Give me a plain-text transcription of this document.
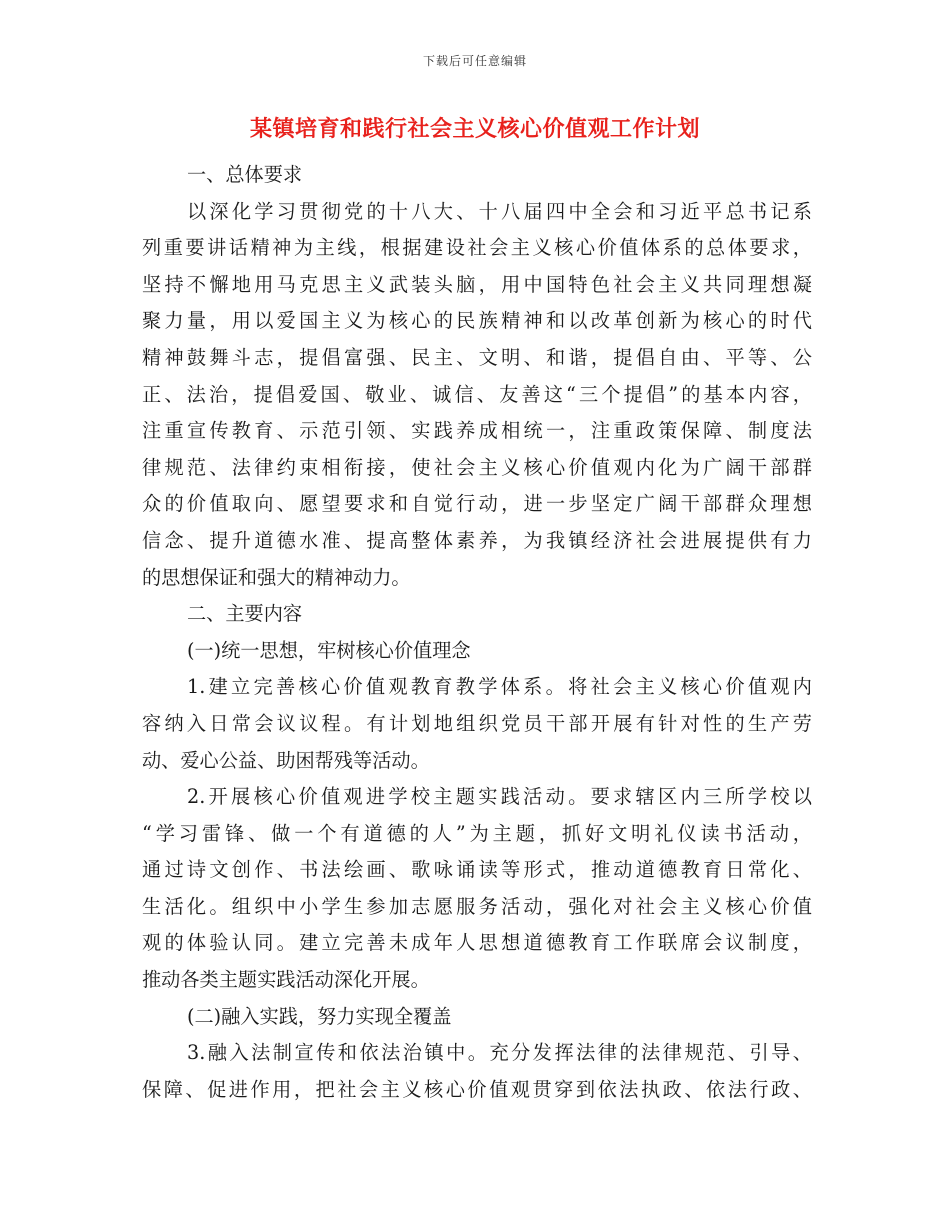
下载后可任意编辑
某镇培育和践行社会主义核心价值观工作计划
一、总体要求
以深化学习贯彻党的十八大、十八届四中全会和习近平总书记系
列重要讲话精神为主线，根据建设社会主义核心价值体系的总体要求，
坚持不懈地用马克思主义武装头脑，用中国特色社会主义共同理想凝
聚力量，用以爱国主义为核心的民族精神和以改革创新为核心的时代
精神鼓舞斗志，提倡富强、民主、文明、和谐，提倡自由、平等、公
正、法治，提倡爱国、敬业、诚信、友善这“三个提倡”的基本内容，
注重宣传教育、示范引领、实践养成相统一，注重政策保障、制度法
律规范、法律约束相衔接，使社会主义核心价值观内化为广阔干部群
众的价值取向、愿望要求和自觉行动，进一步坚定广阔干部群众理想
信念、提升道德水准、提高整体素养，为我镇经济社会进展提供有力
的思想保证和强大的精神动力。
二、主要内容
(一)统一思想，牢树核心价值理念
1.建立完善核心价值观教育教学体系。将社会主义核心价值观内
容纳入日常会议议程。有计划地组织党员干部开展有针对性的生产劳
动、爱心公益、助困帮残等活动。
2.开展核心价值观进学校主题实践活动。要求辖区内三所学校以
“学习雷锋、做一个有道德的人”为主题，抓好文明礼仪读书活动，
通过诗文创作、书法绘画、歌咏诵读等形式，推动道德教育日常化、
生活化。组织中小学生参加志愿服务活动，强化对社会主义核心价值
观的体验认同。建立完善未成年人思想道德教育工作联席会议制度，
推动各类主题实践活动深化开展。
(二)融入实践，努力实现全覆盖
3.融入法制宣传和依法治镇中。充分发挥法律的法律规范、引导、
保障、促进作用，把社会主义核心价值观贯穿到依法执政、依法行政、
